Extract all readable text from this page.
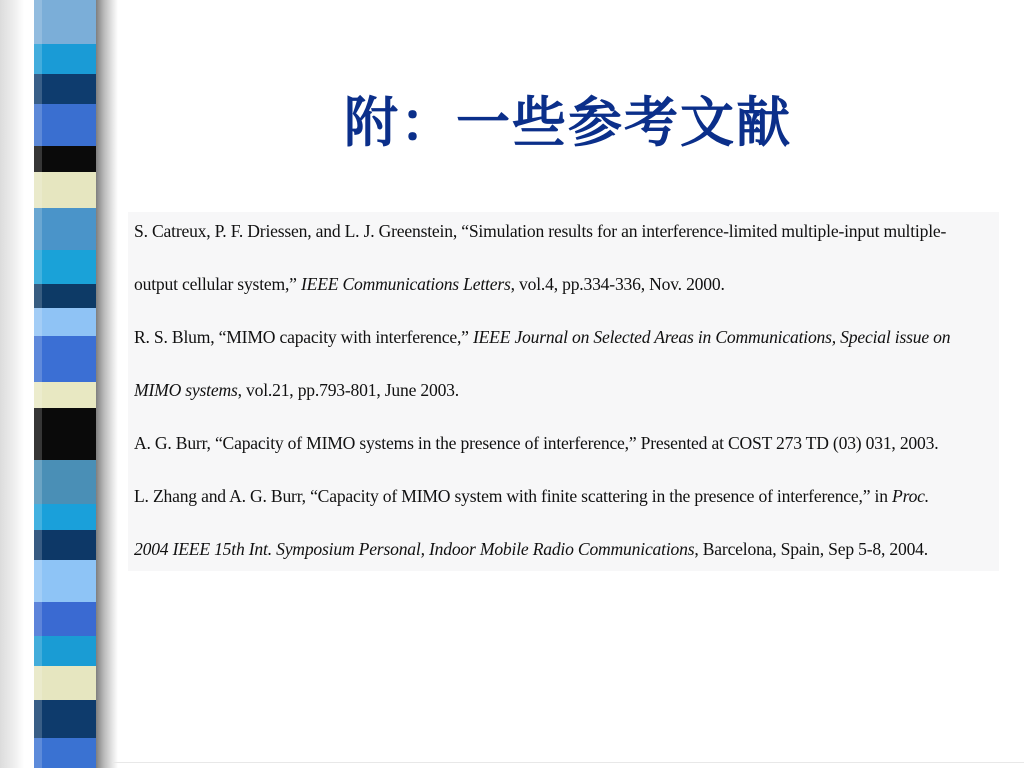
附：一些参考文献
S. Catreux, P. F. Driessen, and L. J. Greenstein, “Simulation results for an interference-limited multiple-input multiple-
output cellular system,” IEEE Communications Letters, vol.4, pp.334-336, Nov. 2000.
R. S. Blum, “MIMO capacity with interference,” IEEE Journal on Selected Areas in Communications, Special issue on
MIMO systems, vol.21, pp.793-801, June 2003.
A. G. Burr, “Capacity of MIMO systems in the presence of interference,” Presented at COST 273 TD (03) 031, 2003.
L. Zhang and A. G. Burr, “Capacity of MIMO system with finite scattering in the presence of interference,” in Proc.
2004 IEEE 15th Int. Symposium Personal, Indoor Mobile Radio Communications, Barcelona, Spain, Sep 5-8, 2004.
